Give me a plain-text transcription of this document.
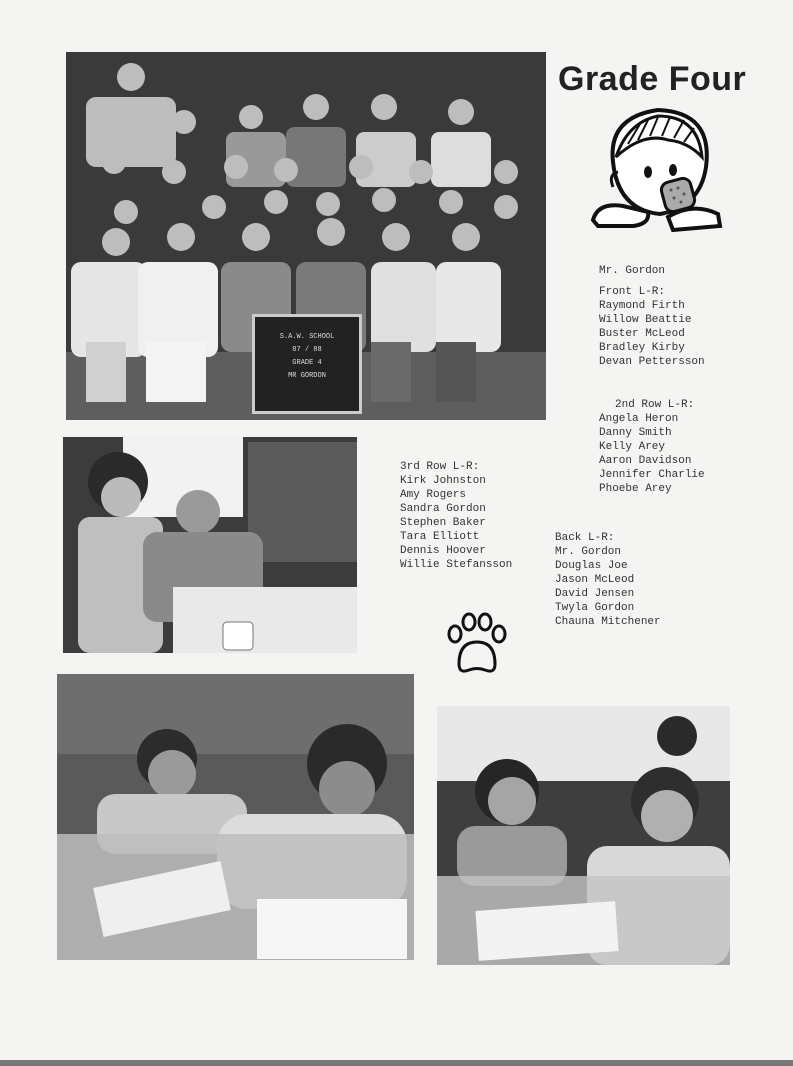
Grade Four
S.A.W. SCHOOL
87 / 88
GRADE 4
MR GORDON
Mr. Gordon
Front L-R:
Raymond Firth
Willow Beattie
Buster McLeod
Bradley Kirby
Devan Pettersson
2nd Row L-R:
Angela Heron
Danny Smith
Kelly Arey
Aaron Davidson
Jennifer Charlie
Phoebe Arey
3rd Row L-R:
Kirk Johnston
Amy Rogers
Sandra Gordon
Stephen Baker
Tara Elliott
Dennis Hoover
Willie Stefansson
Back L-R:
Mr. Gordon
Douglas Joe
Jason McLeod
David Jensen
Twyla Gordon
Chauna Mitchener
